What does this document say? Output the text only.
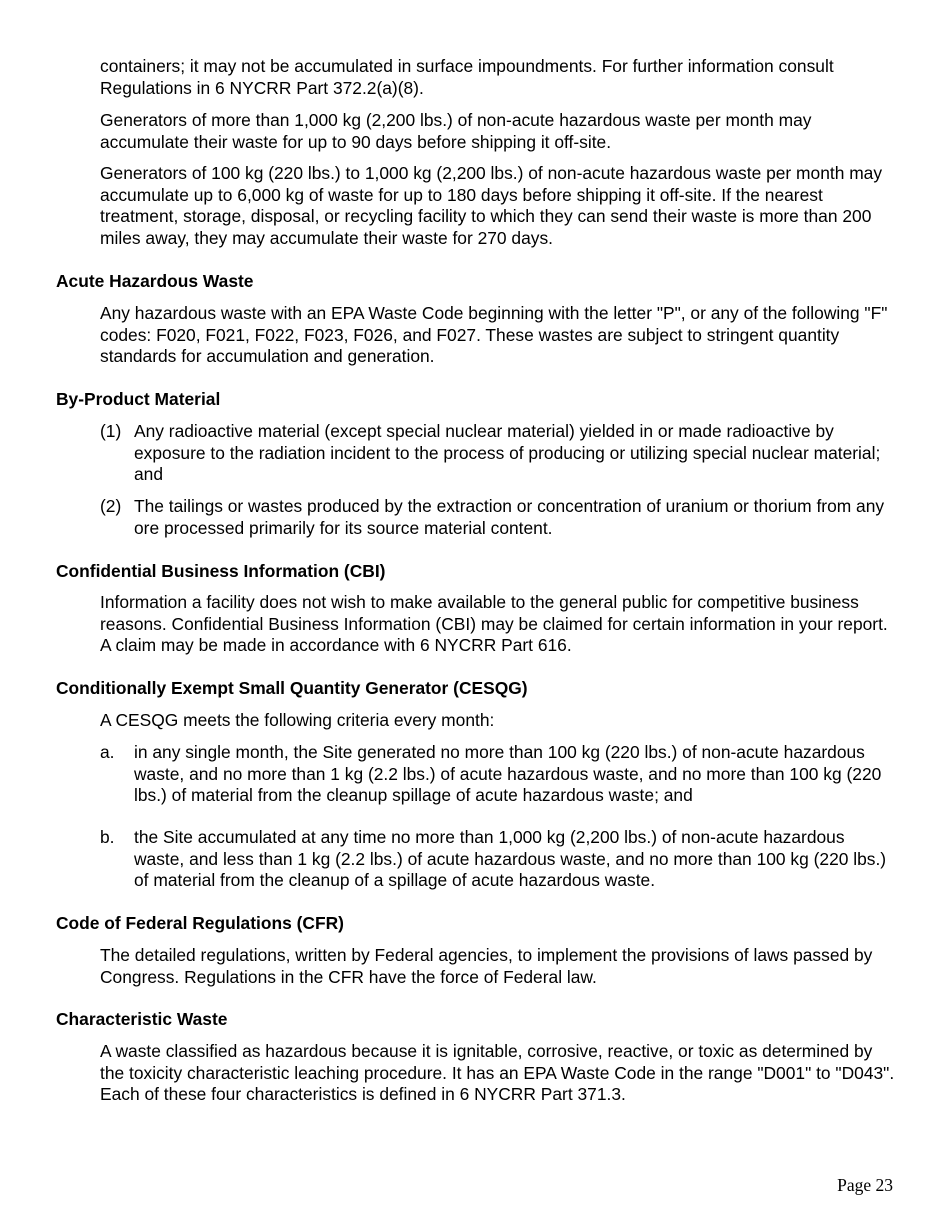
containers; it may not be accumulated in surface impoundments. For further information consult Regulations in 6 NYCRR Part 372.2(a)(8).

Generators of more than 1,000 kg (2,200 lbs.) of non-acute hazardous waste per month may accumulate their waste for up to 90 days before shipping it off-site.

Generators of 100 kg (220 lbs.) to 1,000 kg (2,200 lbs.) of non-acute hazardous waste per month may accumulate up to 6,000 kg of waste for up to 180 days before shipping it off-site. If the nearest treatment, storage, disposal, or recycling facility to which they can send their waste is more than 200 miles away, they may accumulate their waste for 270 days.

Acute Hazardous Waste

Any hazardous waste with an EPA Waste Code beginning with the letter "P", or any of the following "F" codes: F020, F021, F022, F023, F026, and F027. These wastes are subject to stringent quantity standards for accumulation and generation.

By-Product Material
(1) Any radioactive material (except special nuclear material) yielded in or made radioactive by exposure to the radiation incident to the process of producing or utilizing special nuclear material; and

(2) The tailings or wastes produced by the extraction or concentration of uranium or thorium from any ore processed primarily for its source material content.

Confidential Business Information (CBI)

Information a facility does not wish to make available to the general public for competitive business reasons. Confidential Business Information (CBI) may be claimed for certain information in your report. A claim may be made in accordance with 6 NYCRR Part 616.

Conditionally Exempt Small Quantity Generator (CESQG)

A CESQG meets the following criteria every month:

a. in any single month, the Site generated no more than 100 kg (220 lbs.) of non-acute hazardous waste, and no more than 1 kg (2.2 lbs.) of acute hazardous waste, and no more than 100 kg (220 lbs.) of material from the cleanup spillage of acute hazardous waste; and

b. the Site accumulated at any time no more than 1,000 kg (2,200 lbs.) of non-acute hazardous waste, and less than 1 kg (2.2 lbs.) of acute hazardous waste, and no more than 100 kg (220 lbs.) of material from the cleanup of a spillage of acute hazardous waste.

Code of Federal Regulations (CFR)

The detailed regulations, written by Federal agencies, to implement the provisions of laws passed by Congress. Regulations in the CFR have the force of Federal law.

Characteristic Waste

A waste classified as hazardous because it is ignitable, corrosive, reactive, or toxic as determined by the toxicity characteristic leaching procedure. It has an EPA Waste Code in the range "D001" to "D043". Each of these four characteristics is defined in 6 NYCRR Part 371.3.

Page 23
